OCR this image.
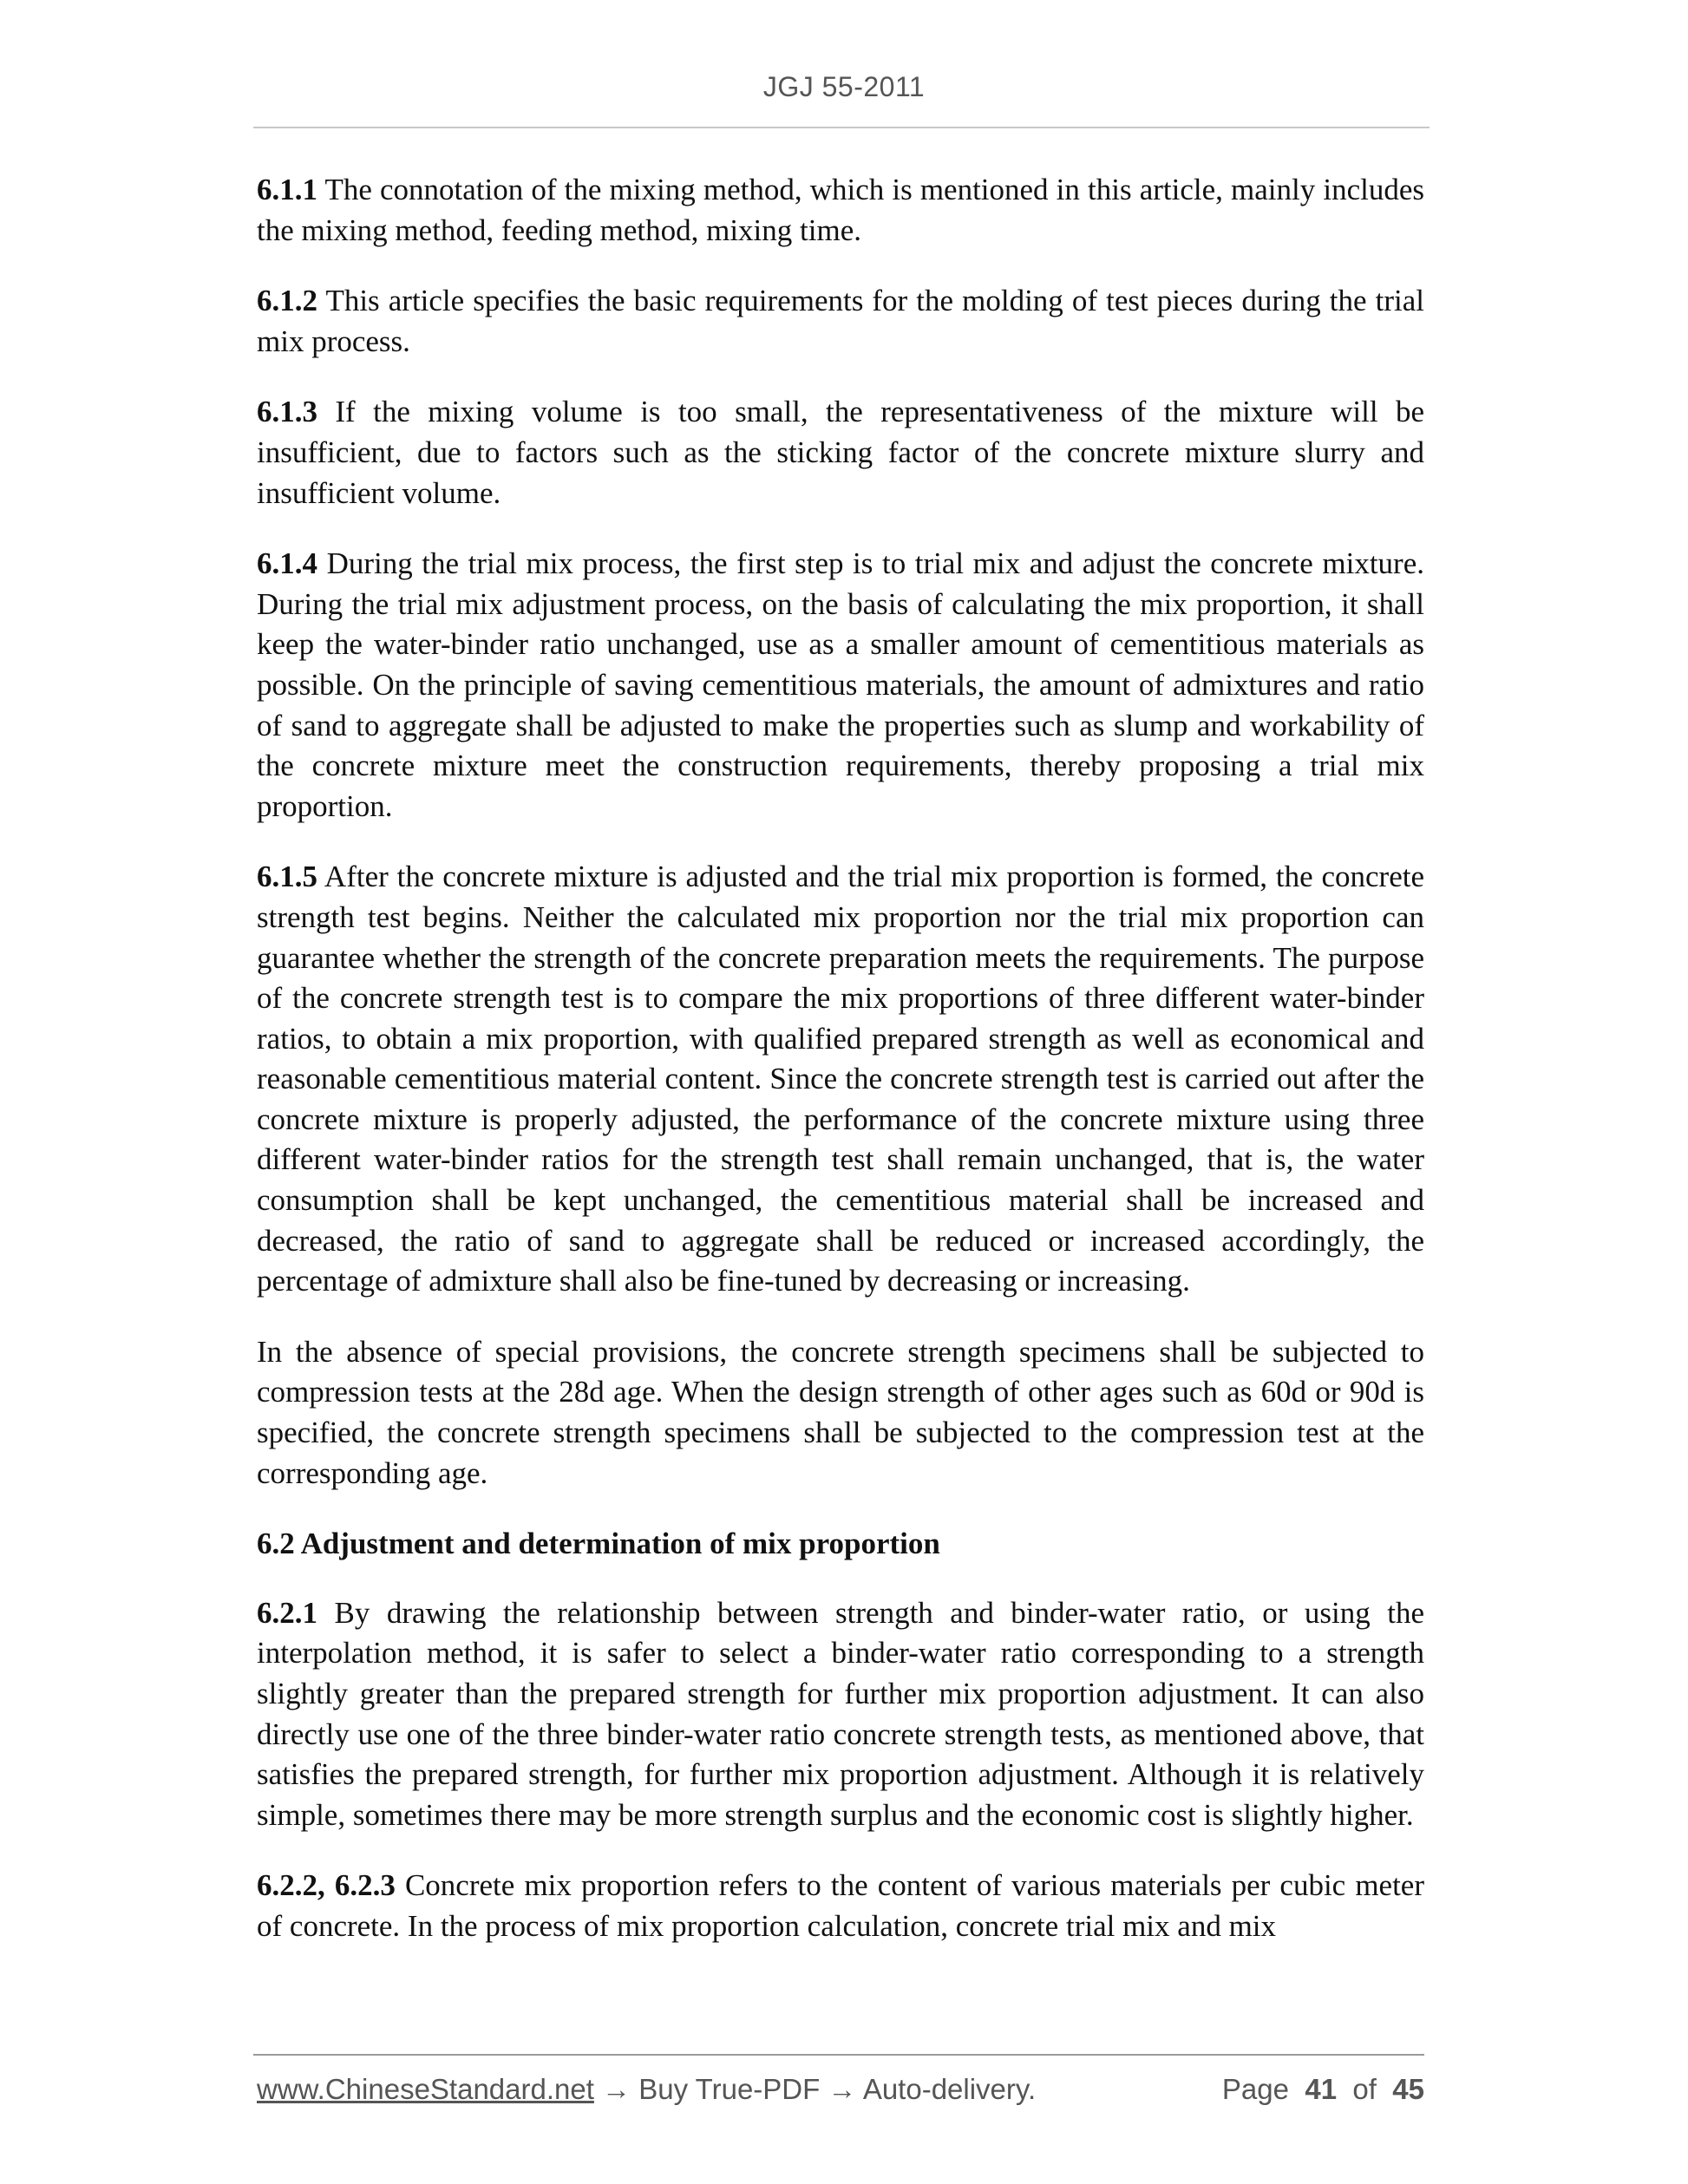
JGJ 55-2011

6.1.1 The connotation of the mixing method, which is mentioned in this article, mainly includes the mixing method, feeding method, mixing time.

6.1.2 This article specifies the basic requirements for the molding of test pieces during the trial mix process.

6.1.3 If the mixing volume is too small, the representativeness of the mixture will be insufficient, due to factors such as the sticking factor of the concrete mixture slurry and insufficient volume.

6.1.4 During the trial mix process, the first step is to trial mix and adjust the concrete mixture. During the trial mix adjustment process, on the basis of calculating the mix proportion, it shall keep the water-binder ratio unchanged, use as a smaller amount of cementitious materials as possible. On the principle of saving cementitious materials, the amount of admixtures and ratio of sand to aggregate shall be adjusted to make the properties such as slump and workability of the concrete mixture meet the construction requirements, thereby proposing a trial mix proportion.

6.1.5 After the concrete mixture is adjusted and the trial mix proportion is formed, the concrete strength test begins. Neither the calculated mix proportion nor the trial mix proportion can guarantee whether the strength of the concrete preparation meets the requirements. The purpose of the concrete strength test is to compare the mix proportions of three different water-binder ratios, to obtain a mix proportion, with qualified prepared strength as well as economical and reasonable cementitious material content. Since the concrete strength test is carried out after the concrete mixture is properly adjusted, the performance of the concrete mixture using three different water-binder ratios for the strength test shall remain unchanged, that is, the water consumption shall be kept unchanged, the cementitious material shall be increased and decreased, the ratio of sand to aggregate shall be reduced or increased accordingly, the percentage of admixture shall also be fine-tuned by decreasing or increasing.

In the absence of special provisions, the concrete strength specimens shall be subjected to compression tests at the 28d age. When the design strength of other ages such as 60d or 90d is specified, the concrete strength specimens shall be subjected to the compression test at the corresponding age.

6.2 Adjustment and determination of mix proportion

6.2.1 By drawing the relationship between strength and binder-water ratio, or using the interpolation method, it is safer to select a binder-water ratio corresponding to a strength slightly greater than the prepared strength for further mix proportion adjustment. It can also directly use one of the three binder-water ratio concrete strength tests, as mentioned above, that satisfies the prepared strength, for further mix proportion adjustment. Although it is relatively simple, sometimes there may be more strength surplus and the economic cost is slightly higher.

6.2.2, 6.2.3 Concrete mix proportion refers to the content of various materials per cubic meter of concrete. In the process of mix proportion calculation, concrete trial mix and mix

www.ChineseStandard.net → Buy True-PDF → Auto-delivery.	Page 41 of 45
